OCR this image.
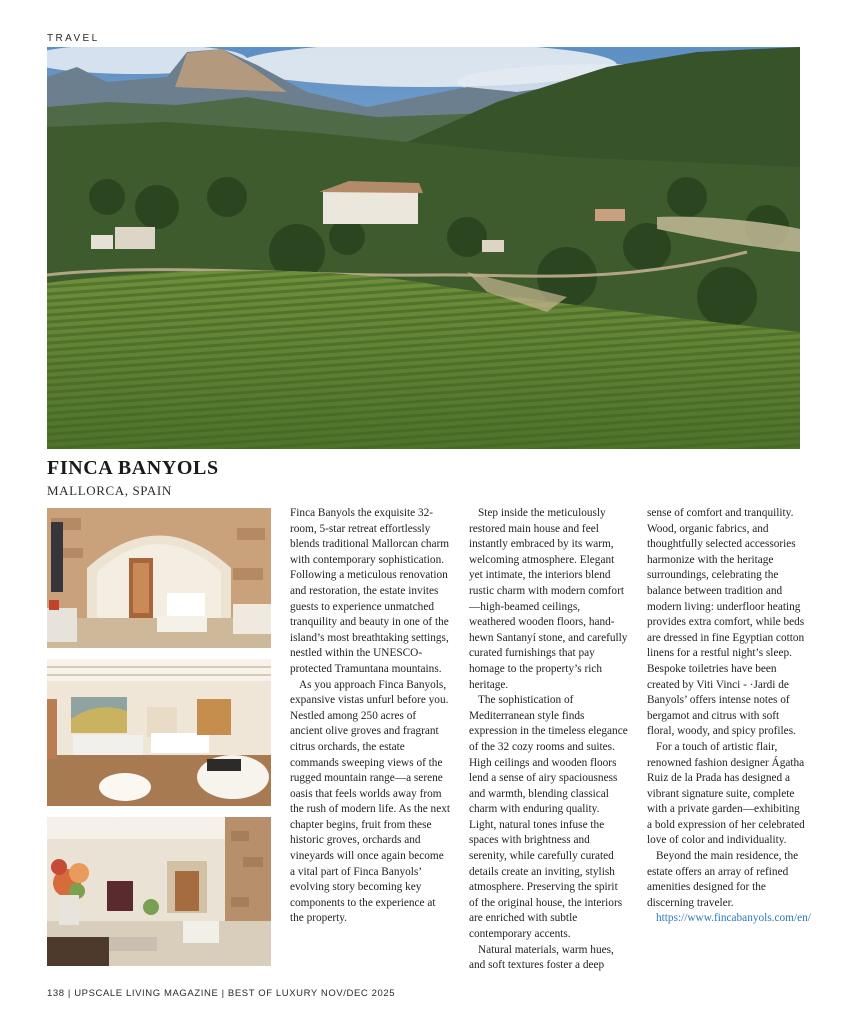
TRAVEL
FINCA BANYOLS
MALLORCA, SPAIN

Finca Banyols the exquisite 32-room, 5-star retreat effortlessly blends traditional Mallorcan charm with contemporary sophistication. Following a meticulous renovation and restoration, the estate invites guests to experience unmatched tranquility and beauty in one of the island’s most breathtaking settings, nestled within the UNESCO-protected Tramuntana mountains.

As you approach Finca Banyols, expansive vistas unfurl before you. Nestled among 250 acres of ancient olive groves and fragrant citrus orchards, the estate commands sweeping views of the rugged mountain range—a serene oasis that feels worlds away from the rush of modern life. As the next chapter begins, fruit from these historic groves, orchards and vineyards will once again become a vital part of Finca Banyols’ evolving story becoming key components to the experience at the property.

Step inside the meticulously restored main house and feel instantly embraced by its warm, welcoming atmosphere. Elegant yet intimate, the interiors blend rustic charm with modern comfort—high-beamed ceilings, weathered wooden floors, hand-hewn Santanyí stone, and carefully curated furnishings that pay homage to the property’s rich heritage.

The sophistication of Mediterranean style finds expression in the timeless elegance of the 32 cozy rooms and suites. High ceilings and wooden floors lend a sense of airy spaciousness and warmth, blending classical charm with enduring quality. Light, natural tones infuse the spaces with brightness and serenity, while carefully curated details create an inviting, stylish atmosphere. Preserving the spirit of the original house, the interiors are enriched with subtle contemporary accents.

Natural materials, warm hues, and soft textures foster a deep

sense of comfort and tranquility. Wood, organic fabrics, and thoughtfully selected accessories harmonize with the heritage surroundings, celebrating the balance between tradition and modern living: underfloor heating provides extra comfort, while beds are dressed in fine Egyptian cotton linens for a restful night’s sleep. Bespoke toiletries have been created by Viti Vinci - ·Jardi de Banyols’ offers intense notes of bergamot and citrus with soft floral, woody, and spicy profiles.

For a touch of artistic flair, renowned fashion designer Ágatha Ruiz de la Prada has designed a vibrant signature suite, complete with a private garden—exhibiting a bold expression of her celebrated love of color and individuality.

Beyond the main residence, the estate offers an array of refined amenities designed for the discerning traveler.

https://www.fincabanyols.com/en/

138 | UPSCALE LIVING MAGAZINE | BEST OF LUXURY NOV/DEC 2025
